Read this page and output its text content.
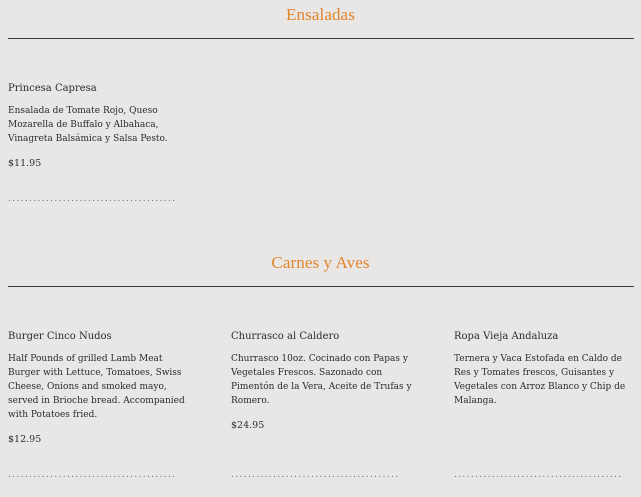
Ensaladas
Princesa Capresa
Ensalada de Tomate Rojo, Queso Mozarella de Buffalo y Albahaca, Vinagreta Balsámica y Salsa Pesto.
$11.95
........................................
Carnes y Aves
Burger Cinco Nudos
Half Pounds of grilled Lamb Meat Burger with Lettuce, Tomatoes, Swiss Cheese, Onions and smoked mayo, served in Brioche bread. Accompanied with Potatoes fried.
$12.95
........................................
Churrasco al Caldero
Churrasco 10oz. Cocinado con Papas y Vegetales Frescos. Sazonado con Pimentón de la Vera, Aceite de Trufas y Romero.
$24.95
........................................
Ropa Vieja Andaluza
Ternera y Vaca Estofada en Caldo de Res y Tomates frescos, Guisantes y Vegetales con Arroz Blanco y Chip de Malanga.
........................................
